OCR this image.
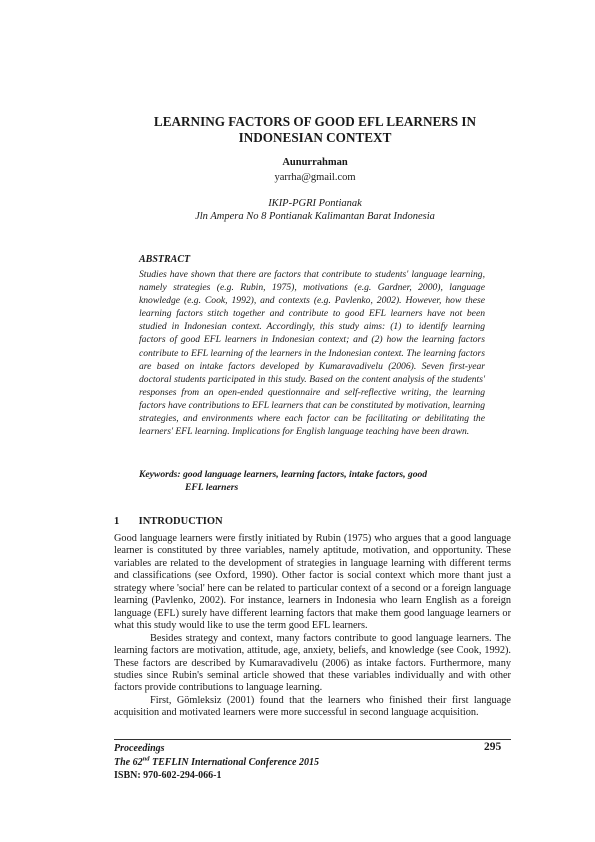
LEARNING FACTORS OF GOOD EFL LEARNERS IN
INDONESIAN CONTEXT
Aunurrahman
yarrha@gmail.com
IKIP-PGRI Pontianak
Jln Ampera No 8 Pontianak Kalimantan Barat Indonesia
ABSTRACT

Studies have shown that there are factors that contribute to students' language learning, namely strategies (e.g. Rubin, 1975), motivations (e.g. Gardner, 2000), language knowledge (e.g. Cook, 1992), and contexts (e.g. Pavlenko, 2002). However, how these learning factors stitch together and contribute to good EFL learners have not been studied in Indonesian context. Accordingly, this study aims: (1) to identify learning factors of good EFL learners in Indonesian context; and (2) how the learning factors contribute to EFL learning of the learners in the Indonesian context. The learning factors are based on intake factors developed by Kumaravadivelu (2006). Seven first-year doctoral students participated in this study. Based on the content analysis of the students' responses from an open-ended questionnaire and self-reflective writing, the learning factors have contributions to EFL learners that can be constituted by motivation, learning strategies, and environments where each factor can be facilitating or debilitating the learners' EFL learning. Implications for English language teaching have been drawn.

Keywords: good language learners, learning factors, intake factors, good
EFL learners

1 INTRODUCTION

Good language learners were firstly initiated by Rubin (1975) who argues that a good language learner is constituted by three variables, namely aptitude, motivation, and opportunity. These variables are related to the development of strategies in language learning with different terms and classifications (see Oxford, 1990). Other factor is social context which more thant just a strategy where 'social' here can be related to particular context of a second or a foreign language learning (Pavlenko, 2002). For instance, learners in Indonesia who learn English as a foreign language (EFL) surely have different learning factors that make them good language learners or what this study would like to use the term good EFL learners.

Besides strategy and context, many factors contribute to good language learners. The learning factors are motivation, attitude, age, anxiety, beliefs, and knowledge (see Cook, 1992). These factors are described by Kumaravadivelu (2006) as intake factors. Furthermore, many studies since Rubin's seminal article showed that these variables individually and with other factors provide contributions to language learning.

First, Gömleksiz (2001) found that the learners who finished their first language acquisition and motivated learners were more successful in second language acquisition.

Proceedings
The 62nd TEFLIN International Conference 2015
ISBN: 970-602-294-066-1
295
